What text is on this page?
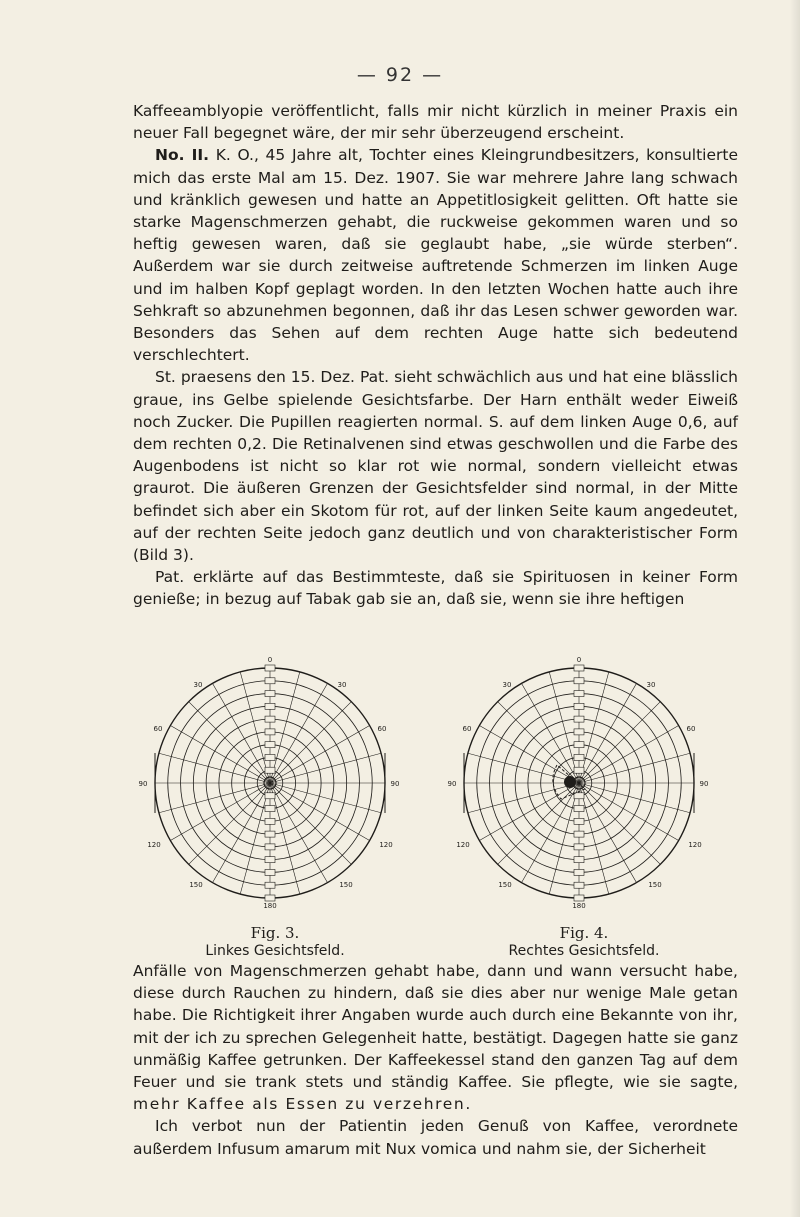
— 92 —

Kaffeeamblyopie veröffentlicht, falls mir nicht kürzlich in meiner Praxis ein neuer Fall begegnet wäre, der mir sehr überzeugend erscheint.

No. II. K. O., 45 Jahre alt, Tochter eines Kleingrundbesitzers, konsultierte mich das erste Mal am 15. Dez. 1907. Sie war mehrere Jahre lang schwach und kränklich gewesen und hatte an Appetitlosigkeit gelitten. Oft hatte sie starke Magenschmerzen gehabt, die ruckweise gekommen waren und so heftig gewesen waren, daß sie geglaubt habe, „sie würde sterben“. Außerdem war sie durch zeitweise auftretende Schmerzen im linken Auge und im halben Kopf geplagt worden. In den letzten Wochen hatte auch ihre Sehkraft so abzunehmen begonnen, daß ihr das Lesen schwer geworden war. Besonders das Sehen auf dem rechten Auge hatte sich bedeutend verschlechtert.

St. praesens den 15. Dez. Pat. sieht schwächlich aus und hat eine blässlich graue, ins Gelbe spielende Gesichtsfarbe. Der Harn enthält weder Eiweiß noch Zucker. Die Pupillen reagierten normal. S. auf dem linken Auge 0,6, auf dem rechten 0,2. Die Retinalvenen sind etwas geschwollen und die Farbe des Augenbodens ist nicht so klar rot wie normal, sondern vielleicht etwas graurot. Die äußeren Grenzen der Gesichtsfelder sind normal, in der Mitte befindet sich aber ein Skotom für rot, auf der linken Seite kaum angedeutet, auf der rechten Seite jedoch ganz deutlich und von charakteristischer Form (Bild 3).

Pat. erklärte auf das Bestimmteste, daß sie Spirituosen in keiner Form genieße; in bezug auf Tabak gab sie an, daß sie, wenn sie ihre heftigen

0
180
90	90
30	30
60	60
120	120
150	150
Fig. 3.
Linkes Gesichtsfeld.
0
180
90	90
30	30
60	60
120	120
150	150
Fig. 4.
Rechtes Gesichtsfeld.

Anfälle von Magenschmerzen gehabt habe, dann und wann versucht habe, diese durch Rauchen zu hindern, daß sie dies aber nur wenige Male getan habe. Die Richtigkeit ihrer Angaben wurde auch durch eine Bekannte von ihr, mit der ich zu sprechen Gelegenheit hatte, bestätigt. Dagegen hatte sie ganz unmäßig Kaffee getrunken. Der Kaffeekessel stand den ganzen Tag auf dem Feuer und sie trank stets und ständig Kaffee. Sie pflegte, wie sie sagte, mehr Kaffee als Essen zu verzehren.

Ich verbot nun der Patientin jeden Genuß von Kaffee, verordnete außerdem Infusum amarum mit Nux vomica und nahm sie, der Sicherheit
